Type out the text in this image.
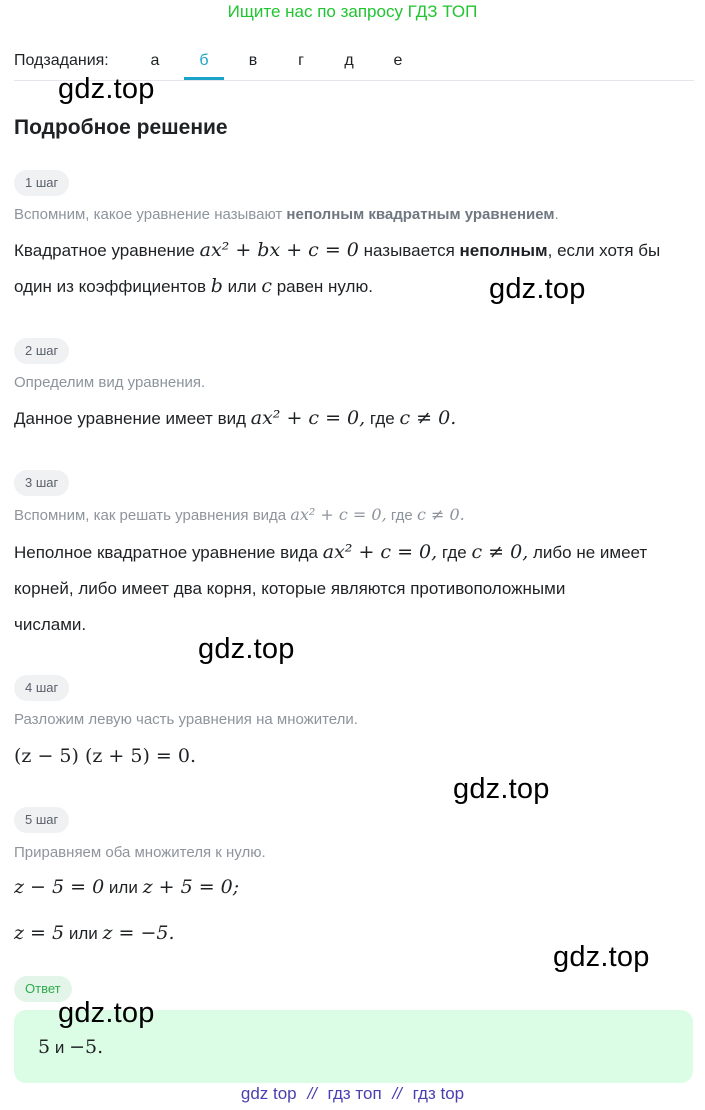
Ищите нас по запросу ГДЗ ТОП
Подзадания:	а	б	в	г	д	е
gdz.top
gdz.top
gdz.top
gdz.top
gdz.top
gdz.top
Подробное решение
1 шаг
Вспомним, какое уравнение называют неполным квадратным уравнением.
Квадратное уравнение ax² + bx + c = 0 называется неполным, если хотя бы
один из коэффициентов b или c равен нулю.
2 шаг
Определим вид уравнения.
Данное уравнение имеет вид ax² + c = 0, где c ≠ 0.
3 шаг
Вспомним, как решать уравнения вида ax² + c = 0, где c ≠ 0.
Неполное квадратное уравнение вида ax² + c = 0, где c ≠ 0, либо не имеет
корней, либо имеет два корня, которые являются противоположными
числами.
4 шаг
Разложим левую часть уравнения на множители.
(z − 5) (z + 5) = 0.
5 шаг
Приравняем оба множителя к нулю.
z − 5 = 0 или z + 5 = 0;
z = 5 или z = −5.
Ответ
5 и −5.
gdz top // гдз топ // гдз top
